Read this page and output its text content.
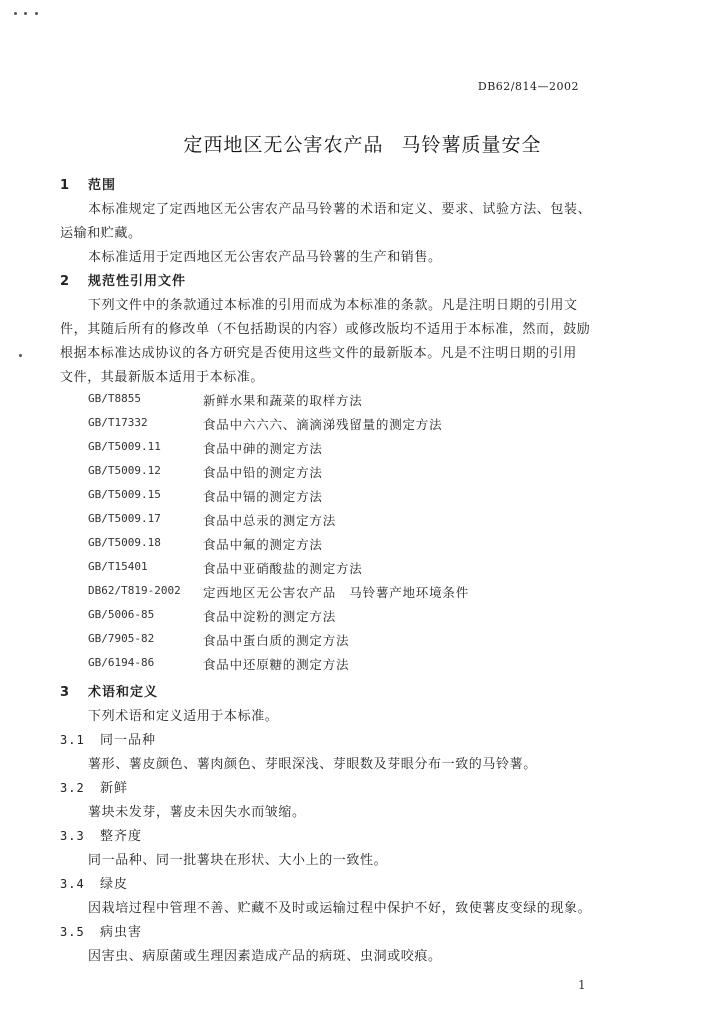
DB62/814—2002
定西地区无公害农产品 马铃薯质量安全
1 范围
本标准规定了定西地区无公害农产品马铃薯的术语和定义、要求、试验方法、包装、
运输和贮藏。
本标准适用于定西地区无公害农产品马铃薯的生产和销售。
2 规范性引用文件
下列文件中的条款通过本标准的引用而成为本标准的条款。凡是注明日期的引用文
件，其随后所有的修改单（不包括勘误的内容）或修改版均不适用于本标准，然而，鼓励
根据本标准达成协议的各方研究是否使用这些文件的最新版本。凡是不注明日期的引用
文件，其最新版本适用于本标准。
GB/T8855	新鲜水果和蔬菜的取样方法
GB/T17332	食品中六六六、滴滴涕残留量的测定方法
GB/T5009.11	食品中砷的测定方法
GB/T5009.12	食品中铅的测定方法
GB/T5009.15	食品中镉的测定方法
GB/T5009.17	食品中总汞的测定方法
GB/T5009.18	食品中氟的测定方法
GB/T15401	食品中亚硝酸盐的测定方法
DB62/T819-2002 定西地区无公害农产品　马铃薯产地环境条件
GB/5006-85	食品中淀粉的测定方法
GB/7905-82	食品中蛋白质的测定方法
GB/6194-86	食品中还原糖的测定方法
3 术语和定义
下列术语和定义适用于本标准。
3.1 同一品种
薯形、薯皮颜色、薯肉颜色、芽眼深浅、芽眼数及芽眼分布一致的马铃薯。
3.2 新鲜
薯块未发芽，薯皮未因失水而皱缩。
3.3 整齐度
同一品种、同一批薯块在形状、大小上的一致性。
3.4 绿皮
因栽培过程中管理不善、贮藏不及时或运输过程中保护不好，致使薯皮变绿的现象。
3.5 病虫害
因害虫、病原菌或生理因素造成产品的病斑、虫洞或咬痕。
1
